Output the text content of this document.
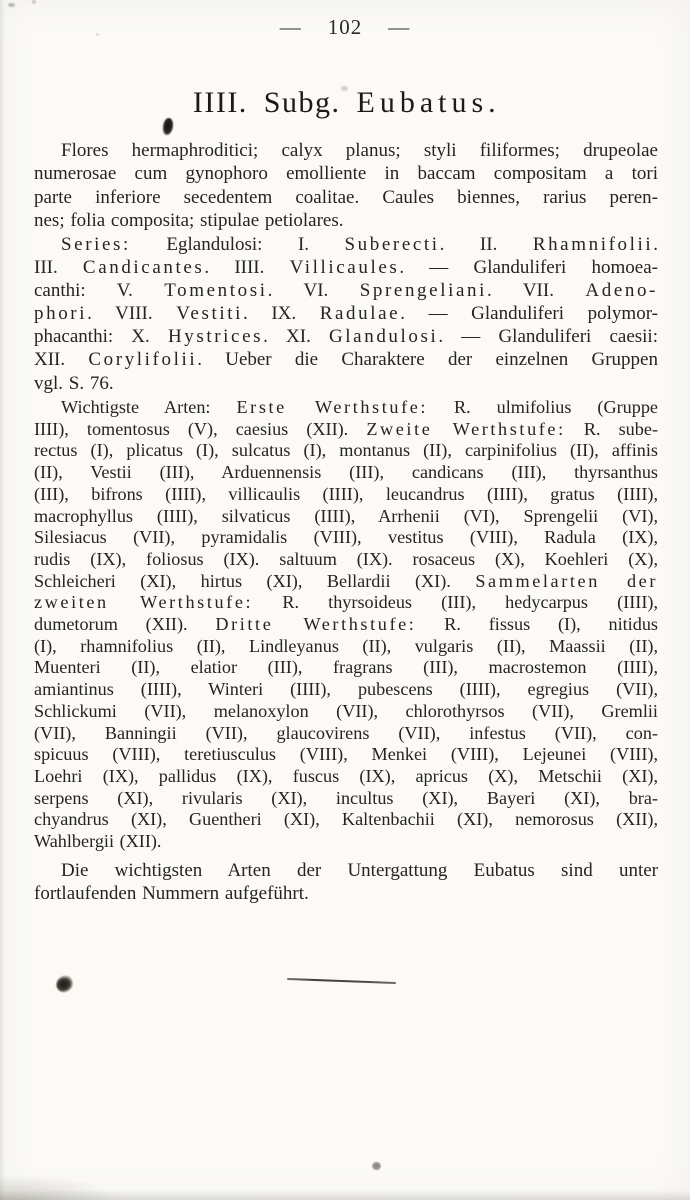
— 102 —
IIII. Subg. Eubatus.
Flores hermaphroditici; calyx planus; styli filiformes; drupeolae
numerosae cum gynophoro emolliente in baccam compositam a tori
parte inferiore secedentem coalitae. Caules biennes, rarius peren-
nes; folia composita; stipulae petiolares.
Series: Eglandulosi: I. Suberecti. II. Rhamnifolii.
III. Candicantes. IIII. Villicaules. — Glanduliferi homoea-
canthi: V. Tomentosi. VI. Sprengeliani. VII. Adeno-
phori. VIII. Vestiti. IX. Radulae. — Glanduliferi polymor-
phacanthi: X. Hystrices. XI. Glandulosi. — Glanduliferi caesii:
XII. Corylifolii. Ueber die Charaktere der einzelnen Gruppen
vgl. S. 76.
Wichtigste Arten: Erste Werthstufe: R. ulmifolius (Gruppe
IIII), tomentosus (V), caesius (XII). Zweite Werthstufe: R. sube-
rectus (I), plicatus (I), sulcatus (I), montanus (II), carpinifolius (II), affinis
(II), Vestii (III), Arduennensis (III), candicans (III), thyrsanthus
(III), bifrons (IIII), villicaulis (IIII), leucandrus (IIII), gratus (IIII),
macrophyllus (IIII), silvaticus (IIII), Arrhenii (VI), Sprengelii (VI),
Silesiacus (VII), pyramidalis (VIII), vestitus (VIII), Radula (IX),
rudis (IX), foliosus (IX). saltuum (IX). rosaceus (X), Koehleri (X),
Schleicheri (XI), hirtus (XI), Bellardii (XI). Sammelarten der
zweiten Werthstufe: R. thyrsoideus (III), hedycarpus (IIII),
dumetorum (XII). Dritte Werthstufe: R. fissus (I), nitidus
(I), rhamnifolius (II), Lindleyanus (II), vulgaris (II), Maassii (II),
Muenteri (II), elatior (III), fragrans (III), macrostemon (IIII),
amiantinus (IIII), Winteri (IIII), pubescens (IIII), egregius (VII),
Schlickumi (VII), melanoxylon (VII), chlorothyrsos (VII), Gremlii
(VII), Banningii (VII), glaucovirens (VII), infestus (VII), con-
spicuus (VIII), teretiusculus (VIII), Menkei (VIII), Lejeunei (VIII),
Loehri (IX), pallidus (IX), fuscus (IX), apricus (X), Metschii (XI),
serpens (XI), rivularis (XI), incultus (XI), Bayeri (XI), bra-
chyandrus (XI), Guentheri (XI), Kaltenbachii (XI), nemorosus (XII),
Wahlbergii (XII).
Die wichtigsten Arten der Untergattung Eubatus sind unter
fortlaufenden Nummern aufgeführt.
